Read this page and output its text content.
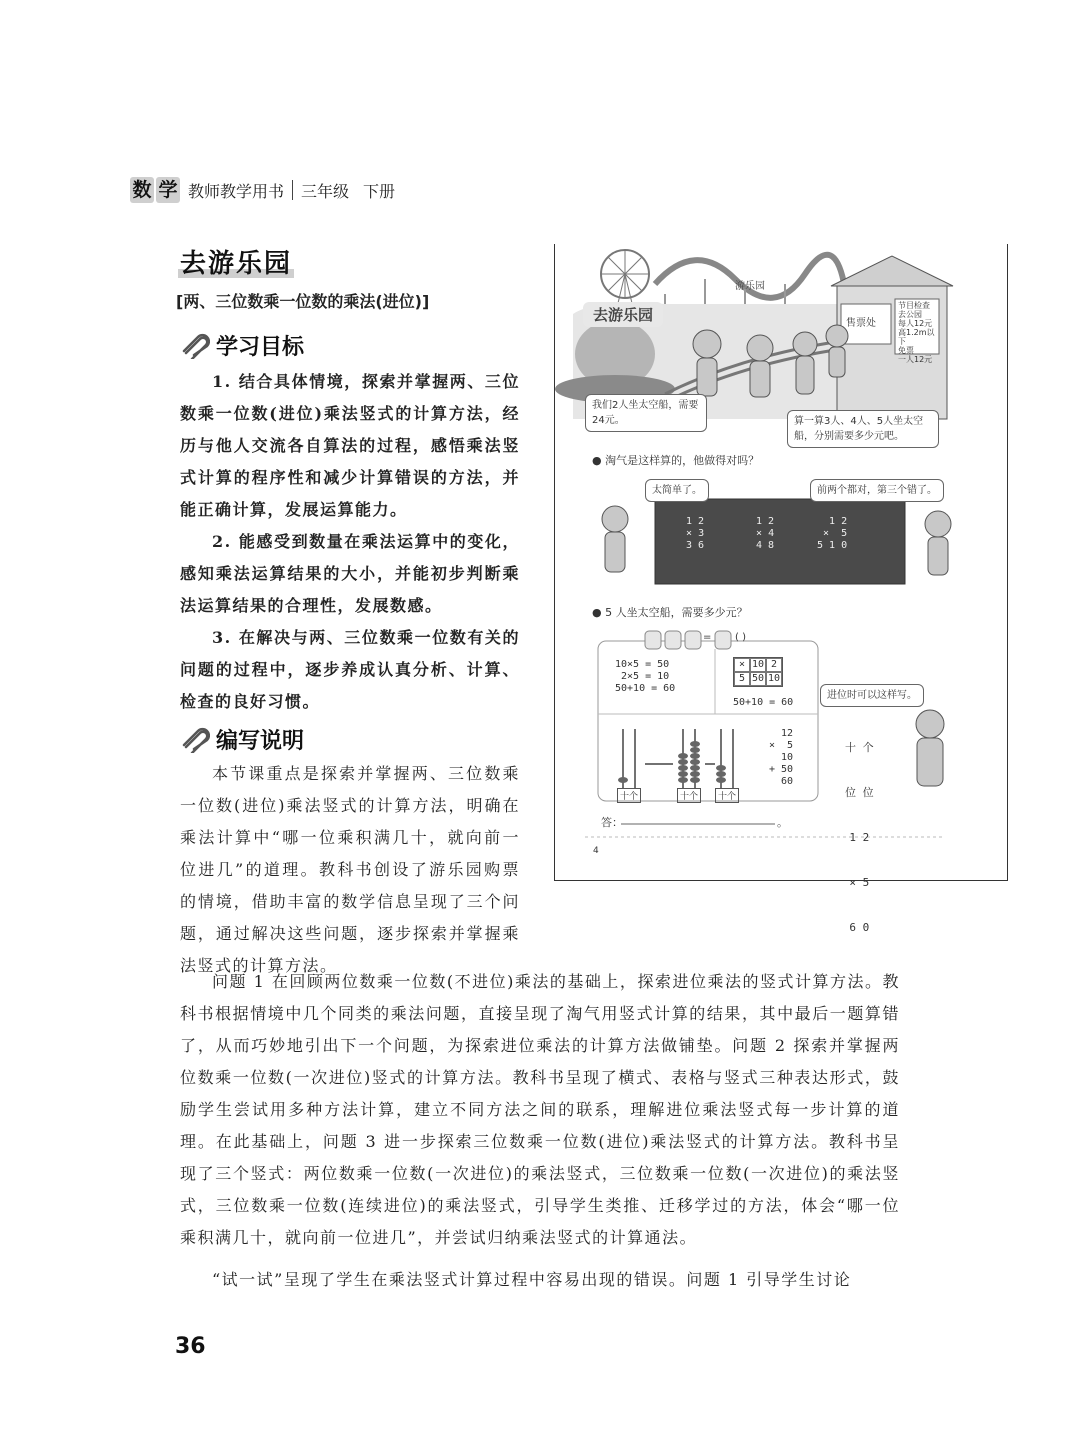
数 学 教师教学用书 三年级 下册
去游乐园
[两、三位数乘一位数的乘法(进位)]
学习目标
1. 结合具体情境，探索并掌握两、三位数乘一位数(进位)乘法竖式的计算方法，经历与他人交流各自算法的过程，感悟乘法竖式计算的程序性和减少计算错误的方法，并能正确计算，发展运算能力。
2. 能感受到数量在乘法运算中的变化，感知乘法运算结果的大小，并能初步判断乘法运算结果的合理性，发展数感。
3. 在解决与两、三位数乘一位数有关的问题的过程中，逐步养成认真分析、计算、检查的良好习惯。
编写说明
本节课重点是探索并掌握两、三位数乘一位数(进位)乘法竖式的计算方法，明确在乘法计算中“哪一位乘积满几十，就向前一位进几”的道理。教科书创设了游乐园购票的情境，借助丰富的数学信息呈现了三个问题，通过解决这些问题，逐步探索并掌握乘法竖式的计算方法。
去游乐园
游乐园
售票处
节目检查
去公园
每人12元
高1.2m以下
免票
一人12元
我们2人坐太空船，需要24元。	算一算3人、4人、5人坐太空船，分别需要多少元吧。
● 淘气是这样算的，他做得对吗？
太简单了。	前两个都对，第三个错了。
1 2
× 3
3 6
1 2
× 4
4 8
1 2
×  5
5 1 0
● 5 人坐太空船，需要多少元？
= ( )
10×5 = 50
2×5 = 10
50+10 = 60
× 10 2
5 50 10
50+10 = 60
12
×  5
10
+ 50
60
十个	十个	十个
进位时可以这样写。

十 个

位 位

1 2

× 5

6 0

答：	。
4
问题 1 在回顾两位数乘一位数(不进位)乘法的基础上，探索进位乘法的竖式计算方法。教科书根据情境中几个同类的乘法问题，直接呈现了淘气用竖式计算的结果，其中最后一题算错了，从而巧妙地引出下一个问题，为探索进位乘法的计算方法做铺垫。问题 2 探索并掌握两位数乘一位数(一次进位)竖式的计算方法。教科书呈现了横式、表格与竖式三种表达形式，鼓励学生尝试用多种方法计算，建立不同方法之间的联系，理解进位乘法竖式每一步计算的道理。在此基础上，问题 3 进一步探索三位数乘一位数(进位)乘法竖式的计算方法。教科书呈现了三个竖式：两位数乘一位数(一次进位)的乘法竖式，三位数乘一位数(一次进位)的乘法竖式，三位数乘一位数(连续进位)的乘法竖式，引导学生类推、迁移学过的方法，体会“哪一位乘积满几十，就向前一位进几”，并尝试归纳乘法竖式的计算通法。
“试一试”呈现了学生在乘法竖式计算过程中容易出现的错误。问题 1 引导学生讨论
36
